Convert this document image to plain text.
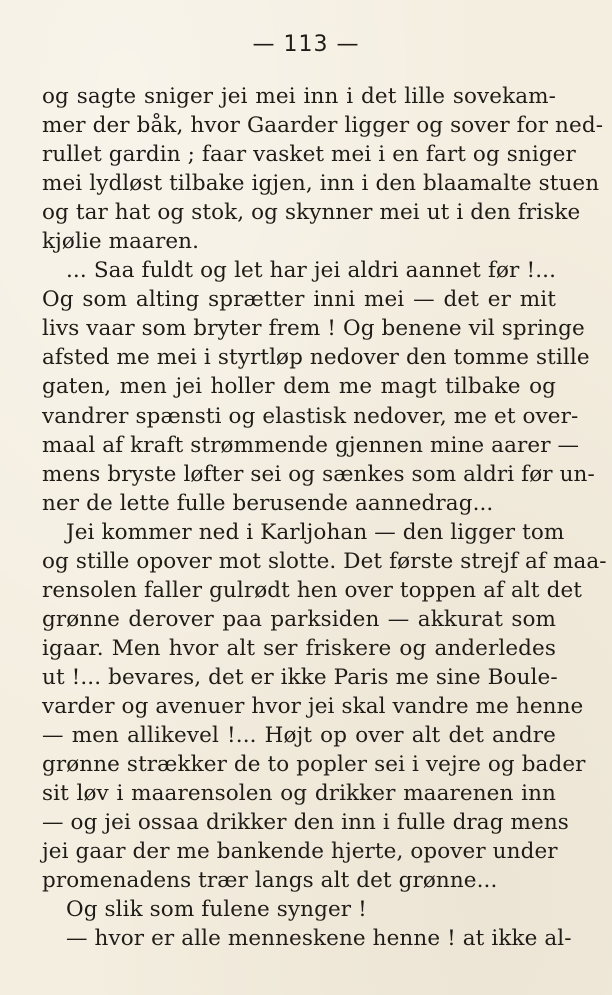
— 113 —
og sagte sniger jei mei inn i det lille sovekam-
mer der båk, hvor Gaarder ligger og sover for ned-
rullet gardin ; faar vasket mei i en fart og sniger
mei lydløst tilbake igjen, inn i den blaamalte stuen
og tar hat og stok, og skynner mei ut i den friske
kjølie maaren.
... Saa fuldt og let har jei aldri aannet før !...
Og som alting sprætter inni mei — det er mit
livs vaar som bryter frem ! Og benene vil springe
afsted me mei i styrtløp nedover den tomme stille
gaten, men jei holler dem me magt tilbake og
vandrer spænsti og elastisk nedover, me et over-
maal af kraft strømmende gjennen mine aarer —
mens bryste løfter sei og sænkes som aldri før un-
ner de lette fulle berusende aannedrag...
Jei kommer ned i Karljohan — den ligger tom
og stille opover mot slotte. Det første strejf af maa-
rensolen faller gulrødt hen over toppen af alt det
grønne derover paa parksiden — akkurat som
igaar. Men hvor alt ser friskere og anderledes
ut !... bevares, det er ikke Paris me sine Boule-
varder og avenuer hvor jei skal vandre me henne
— men allikevel !... Højt op over alt det andre
grønne strækker de to popler sei i vejre og bader
sit løv i maarensolen og drikker maarenen inn
— og jei ossaa drikker den inn i fulle drag mens
jei gaar der me bankende hjerte, opover under
promenadens trær langs alt det grønne...
Og slik som fulene synger !
— hvor er alle menneskene henne ! at ikke al-
